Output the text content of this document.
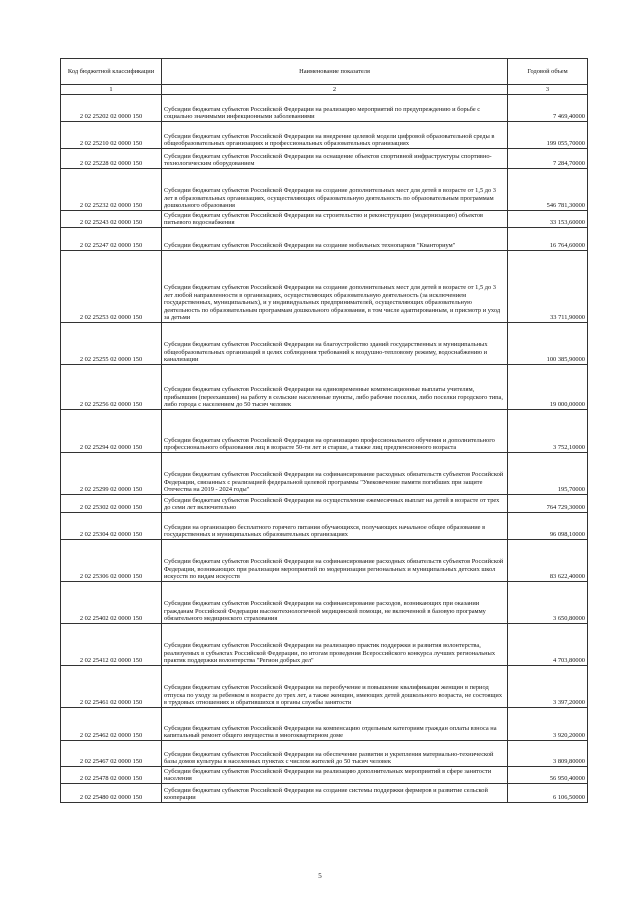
Код бюджетной классификации	Наименование показателя	Годовой объем
1	2	3
2 02 25202 02 0000 150	Субсидии бюджетам субъектов Российской Федерации на реализацию мероприятий по предупреждению и борьбе с социально значимыми инфекционными заболеваниями	7 469,40000
2 02 25210 02 0000 150	Субсидии бюджетам субъектов Российской Федерации на внедрение целевой модели цифровой образовательной среды в общеобразовательных организациях и профессиональных образовательных организациях	199 055,70000
2 02 25228 02 0000 150	Субсидии бюджетам субъектов Российской Федерации на оснащение объектов спортивной инфраструктуры спортивно-технологическим оборудованием	7 284,70000
2 02 25232 02 0000 150	Субсидии бюджетам субъектов Российской Федерации на создание дополнительных мест для детей в возрасте от 1,5 до 3 лет в образовательных организациях, осуществляющих образовательную деятельность по образовательным программам дошкольного образования	546 781,30000
2 02 25243 02 0000 150	Субсидии бюджетам субъектов Российской Федерации на строительство и реконструкцию (модернизацию) объектов питьевого водоснабжения	33 153,60000
2 02 25247 02 0000 150	Субсидии бюджетам субъектов Российской Федерации на создание мобильных технопарков "Кванториум"	16 764,60000
2 02 25253 02 0000 150	Субсидии бюджетам субъектов Российской Федерации на создание дополнительных мест для детей в возрасте от 1,5 до 3 лет любой направленности в организациях, осуществляющих образовательную деятельность (за исключением государственных, муниципальных), и у индивидуальных предпринимателей, осуществляющих образовательную деятельность по образовательным программам дошкольного образования, в том числе адаптированным, и присмотр и уход за детьми	33 711,90000
2 02 25255 02 0000 150	Субсидии бюджетам субъектов Российской Федерации на благоустройство зданий государственных и муниципальных общеобразовательных организаций в целях соблюдения требований к воздушно-тепловому режиму, водоснабжению и канализации	100 385,90000
2 02 25256 02 0000 150	Субсидии бюджетам субъектов Российской Федерации на единовременные компенсационные выплаты учителям, прибывшим (переехавшим) на работу в сельские населенные пункты, либо рабочие поселки, либо поселки городского типа, либо города с населением до 50 тысяч человек	19 000,00000
2 02 25294 02 0000 150	Субсидии бюджетам субъектов Российской Федерации на организацию профессионального обучения и дополнительного профессионального образования лиц в возрасте 50-ти лет и старше, а также лиц предпенсионного возраста	3 752,10000
2 02 25299 02 0000 150	Субсидии бюджетам субъектов Российской Федерации на софинансирование расходных обязательств субъектов Российской Федерации, связанных с реализацией федеральной целевой программы "Увековечение памяти погибших при защите Отечества на 2019 - 2024 годы"	195,70000
2 02 25302 02 0000 150	Субсидии бюджетам субъектов Российской Федерации на осуществление ежемесячных выплат на детей в возрасте от трех до семи лет включительно	764 729,30000
2 02 25304 02 0000 150	Субсидии на организацию бесплатного горячего питания обучающихся, получающих начальное общее образование в государственных и муниципальных образовательных организациях	96 098,10000
2 02 25306 02 0000 150	Субсидии бюджетам субъектов Российской Федерации на софинансирование расходных обязательств субъектов Российской Федерации, возникающих при реализации мероприятий по модернизации региональных и муниципальных детских школ искусств по видам искусств	83 622,40000
2 02 25402 02 0000 150	Субсидии бюджетам субъектов Российской Федерации на софинансирование расходов, возникающих при оказании гражданам Российской Федерации высокотехнологичной медицинской помощи, не включенной в базовую программу обязательного медицинского страхования	3 650,80000
2 02 25412 02 0000 150	Субсидии бюджетам субъектов Российской Федерации на реализацию практик поддержки и развития волонтерства, реализуемых в субъектах Российской Федерации, по итогам проведения Всероссийского конкурса лучших региональных практик поддержки волонтерства "Регион добрых дел"	4 703,80000
2 02 25461 02 0000 150	Субсидии бюджетам субъектов Российской Федерации на переобучение и повышение квалификации женщин в период отпуска по уходу за ребенком в возрасте до трех лет, а также женщин, имеющих детей дошкольного возраста, не состоящих в трудовых отношениях и обратившихся в органы службы занятости	3 397,20000
2 02 25462 02 0000 150	Субсидии бюджетам субъектов Российской Федерации на компенсацию отдельным категориям граждан оплаты взноса на капитальный ремонт общего имущества в многоквартирном доме	3 920,20000
2 02 25467 02 0000 150	Субсидии бюджетам субъектов Российской Федерации на обеспечение развития и укрепления материально-технической базы домов культуры в населенных пунктах с числом жителей до 50 тысяч человек	3 809,80000
2 02 25478 02 0000 150	Субсидии бюджетам субъектов Российской Федерации на реализацию дополнительных мероприятий в сфере занятости населения	56 950,40000
2 02 25480 02 0000 150	Субсидии бюджетам субъектов Российской Федерации на создание системы поддержки фермеров и развитие сельской кооперации	6 106,50000
5
